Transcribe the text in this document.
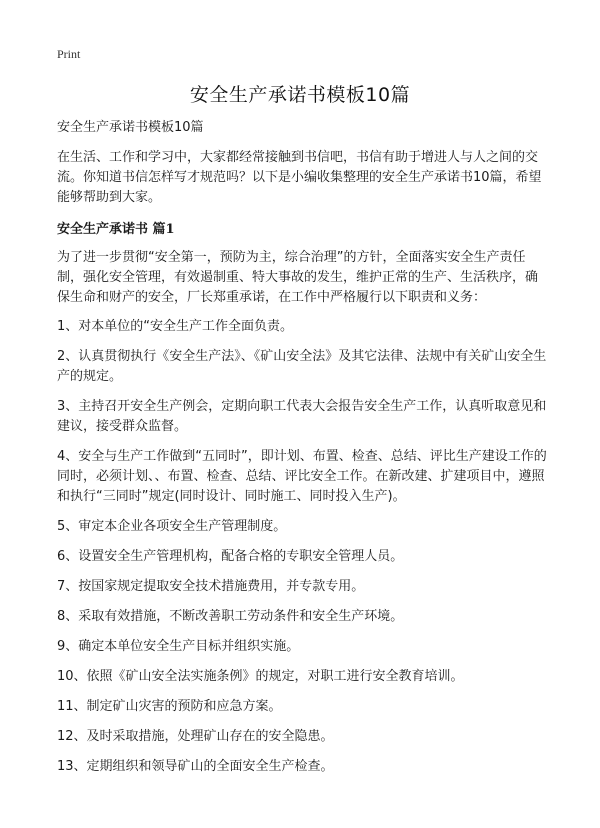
Print
安全生产承诺书模板10篇

安全生产承诺书模板10篇

在生活、工作和学习中，大家都经常接触到书信吧，书信有助于增进人与人之间的交流。你知道书信怎样写才规范吗？以下是小编收集整理的安全生产承诺书10篇，希望能够帮助到大家。

安全生产承诺书 篇1

为了进一步贯彻“安全第一，预防为主，综合治理”的方针，全面落实安全生产责任制，强化安全管理，有效遏制重、特大事故的发生，维护正常的生产、生活秩序，确保生命和财产的安全，厂长郑重承诺，在工作中严格履行以下职责和义务：

1、对本单位的“安全生产工作全面负责。

2、认真贯彻执行《安全生产法》、《矿山安全法》及其它法律、法规中有关矿山安全生产的规定。

3、主持召开安全生产例会，定期向职工代表大会报告安全生产工作，认真听取意见和建议，接受群众监督。

4、安全与生产工作做到“五同时”，即计划、布置、检查、总结、评比生产建设工作的同时，必须计划、、布置、检查、总结、评比安全工作。在新改建、扩建项目中，遵照和执行“三同时”规定(同时设计、同时施工、同时投入生产)。

5、审定本企业各项安全生产管理制度。

6、设置安全生产管理机构，配备合格的专职安全管理人员。

7、按国家规定提取安全技术措施费用，并专款专用。

8、采取有效措施，不断改善职工劳动条件和安全生产环境。

9、确定本单位安全生产目标并组织实施。

10、依照《矿山安全法实施条例》的规定，对职工进行安全教育培训。

11、制定矿山灾害的预防和应急方案。

12、及时采取措施，处理矿山存在的安全隐患。

13、定期组织和领导矿山的全面安全生产检查。
